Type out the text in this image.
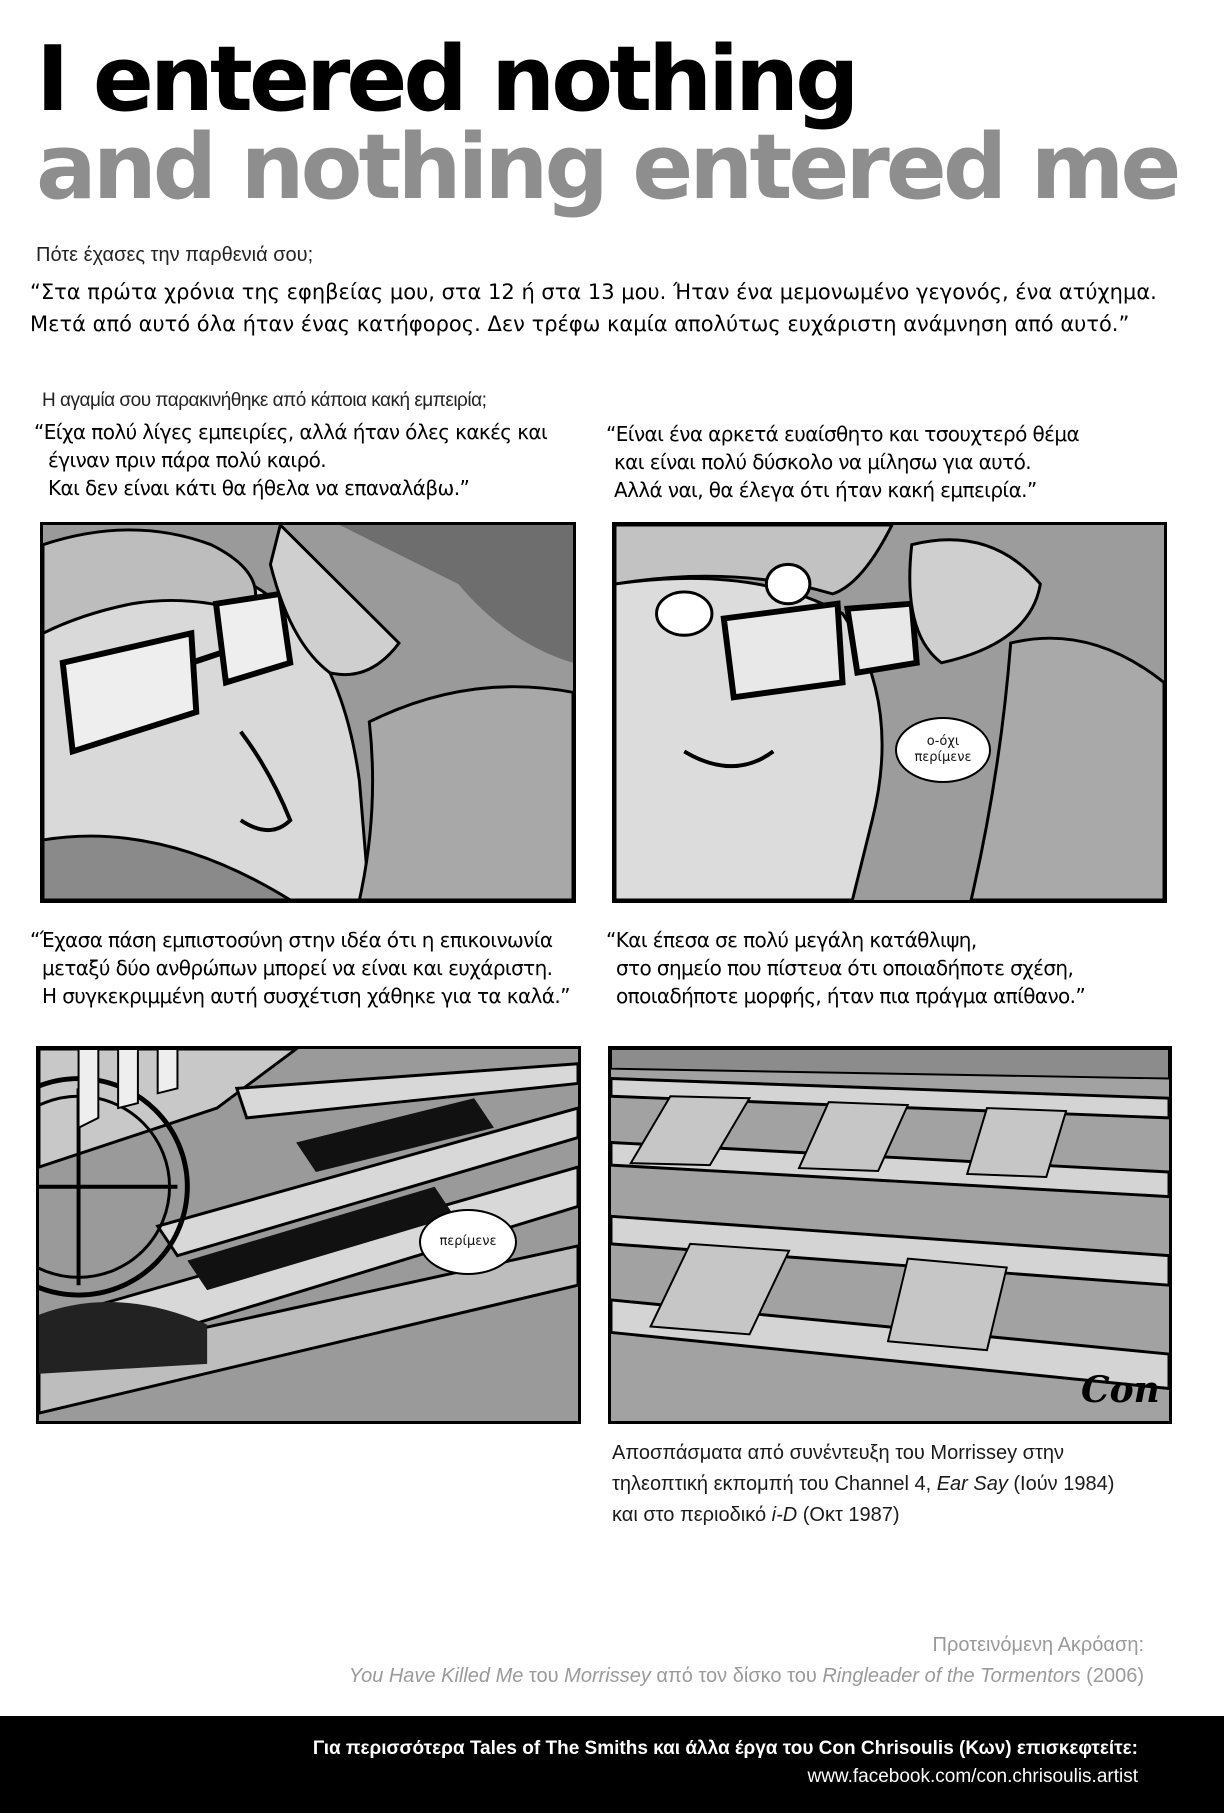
I entered nothing
and nothing entered me
Πότε έχασες την παρθενιά σου;
“Στα πρώτα χρόνια της εφηβείας μου, στα 12 ή στα 13 μου. Ήταν ένα μεμονωμένο γεγονός, ένα ατύχημα.
Μετά από αυτό όλα ήταν ένας κατήφορος. Δεν τρέφω καμία απολύτως ευχάριστη ανάμνηση από αυτό.”
Η αγαμία σου παρακινήθηκε από κάποια κακή εμπειρία;
“Είχα πολύ λίγες εμπειρίες, αλλά ήταν όλες κακές και
έγιναν πριν πάρα πολύ καιρό.
Και δεν είναι κάτι θα ήθελα να επαναλάβω.”
“Είναι ένα αρκετά ευαίσθητο και τσουχτερό θέμα
και είναι πολύ δύσκολο να μίλησω για αυτό.
Αλλά ναι, θα έλεγα ότι ήταν κακή εμπειρία.”
ο-όχι
περίμενε
“Έχασα πάση εμπιστοσύνη στην ιδέα ότι η επικοινωνία
μεταξύ δύο ανθρώπων μπορεί να είναι και ευχάριστη.
Η συγκεκριμμένη αυτή συσχέτιση χάθηκε για τα καλά.”
“Και έπεσα σε πολύ μεγάλη κατάθλιψη,
στο σημείο που πίστευα ότι οποιαδήποτε σχέση,
οποιαδήποτε μορφής, ήταν πια πράγμα απίθανο.”
περίμενε
Con
Αποσπάσματα από συνέντευξη του Morrissey στην
τηλεοπτική εκπομπή του Channel 4, Ear Say (Ιούν 1984)
και στο περιοδικό i-D (Οκτ 1987)
Προτεινόμενη Ακρόαση:
You Have Killed Me του Morrissey από τον δίσκο του Ringleader of the Tormentors (2006)
Για περισσότερα Tales of The Smiths και άλλα έργα του Con Chrisoulis (Κων) επισκεφτείτε:
www.facebook.com/con.chrisoulis.artist
